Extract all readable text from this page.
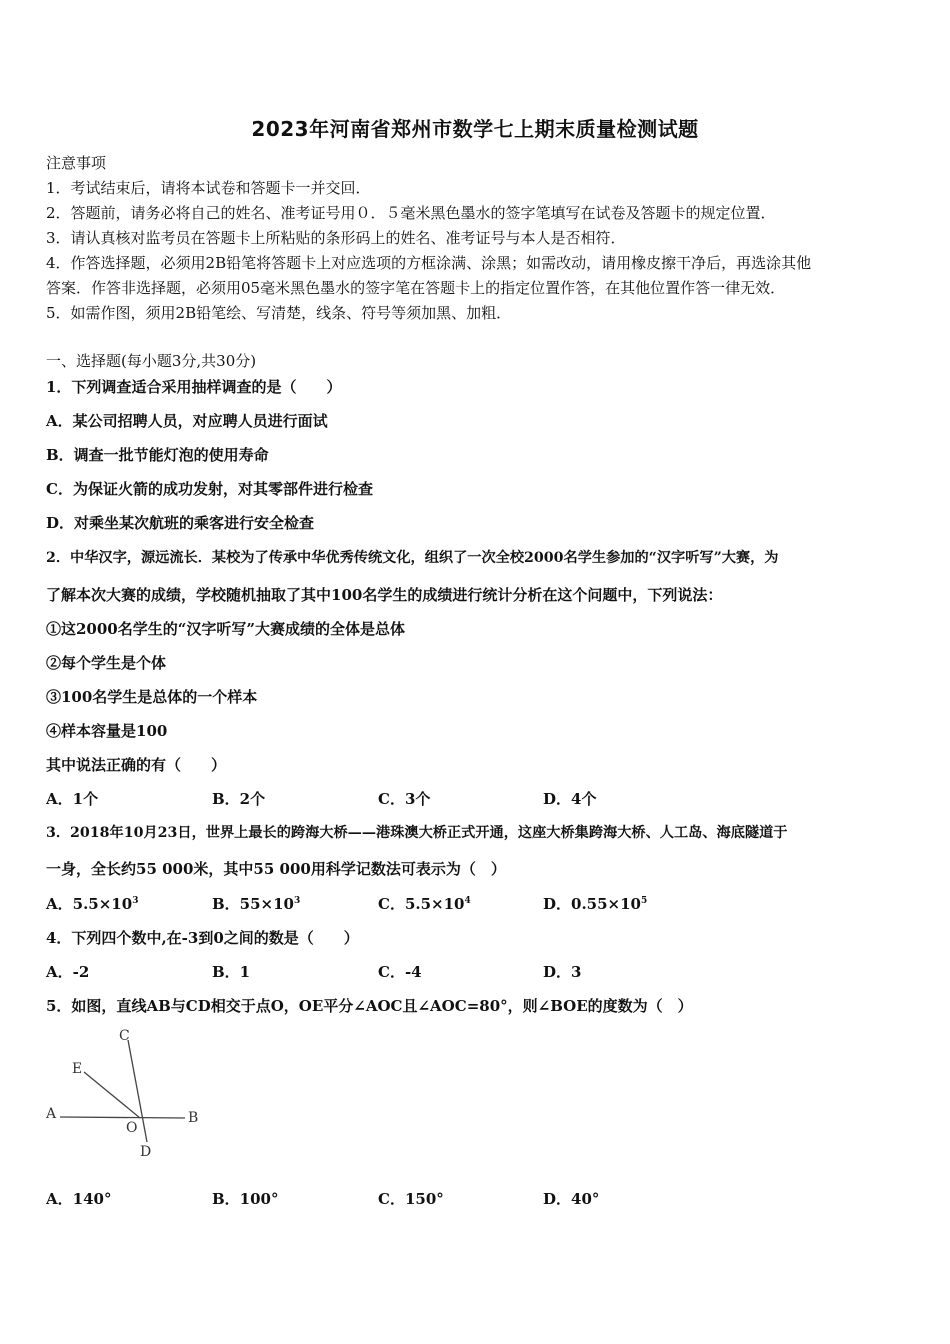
2023年河南省郑州市数学七上期末质量检测试题
注意事项
1．考试结束后，请将本试卷和答题卡一并交回．
2．答题前，请务必将自己的姓名、准考证号用０．５毫米黑色墨水的签字笔填写在试卷及答题卡的规定位置．
3．请认真核对监考员在答题卡上所粘贴的条形码上的姓名、准考证号与本人是否相符．
4．作答选择题，必须用2B铅笔将答题卡上对应选项的方框涂满、涂黑；如需改动，请用橡皮擦干净后，再选涂其他
答案．作答非选择题，必须用05毫米黑色墨水的签字笔在答题卡上的指定位置作答，在其他位置作答一律无效．
5．如需作图，须用2B铅笔绘、写清楚，线条、符号等须加黑、加粗．
一、选择题(每小题3分,共30分)
1．下列调查适合采用抽样调查的是（　　）
A．某公司招聘人员，对应聘人员进行面试
B．调查一批节能灯泡的使用寿命
C．为保证火箭的成功发射，对其零部件进行检查
D．对乘坐某次航班的乘客进行安全检查
2．中华汉字，源远流长．某校为了传承中华优秀传统文化，组织了一次全校2000名学生参加的“汉字听写”大赛，为
了解本次大赛的成绩，学校随机抽取了其中100名学生的成绩进行统计分析在这个问题中，下列说法：
①这2000名学生的“汉字听写”大赛成绩的全体是总体
②每个学生是个体
③100名学生是总体的一个样本
④样本容量是100
其中说法正确的有（　　）
A．1个	B．2个	C．3个	D．4个
3．2018年10月23日，世界上最长的跨海大桥——港珠澳大桥正式开通，这座大桥集跨海大桥、人工岛、海底隧道于
一身，全长约55 000米，其中55 000用科学记数法可表示为（　）
A．$5.5\times 10^3$	B．$55\times 10^3$	C．$5.5\times 10^4$	D．$0.55\times 10^5$
4．下列四个数中,在-3到0之间的数是（　　）
A．-2	B．1	C．-4	D．3
5．如图，直线AB与CD相交于点O，OE平分∠AOC且∠AOC=80°，则∠BOE的度数为（　）
A	B
C
D
E
O
A．140°	B．100°	C．150°	D．40°
